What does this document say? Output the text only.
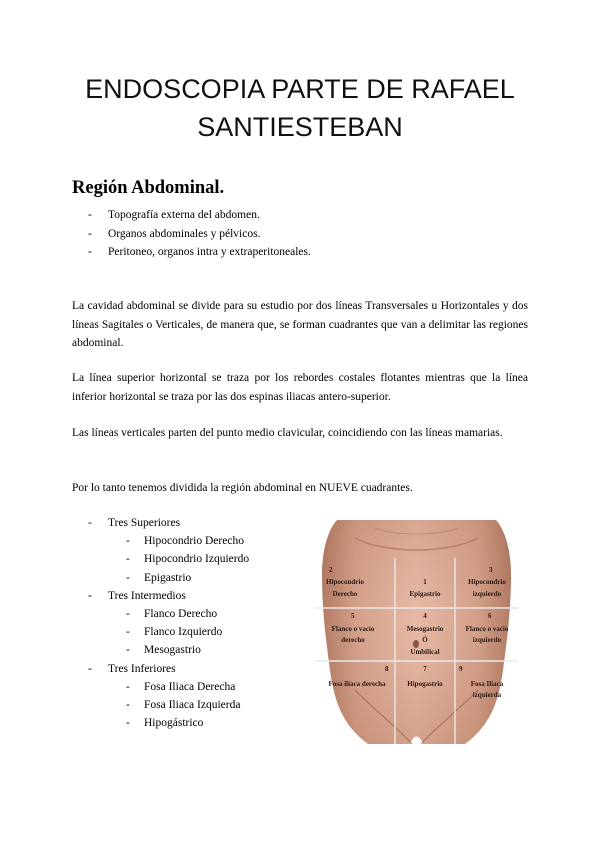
ENDOSCOPIA PARTE DE RAFAEL SANTIESTEBAN
Región Abdominal.
- Topografía externa del abdomen.
- Organos abdominales y pélvicos.
- Peritoneo, organos intra y extraperitoneales.

La cavidad abdominal se divide para su estudio por dos líneas Transversales u Horizontales y dos líneas Sagitales o Verticales, de manera que, se forman cuadrantes que van a delimitar las regiones abdominal.

La línea superior horizontal se traza por los rebordes costales flotantes mientras que la línea inferior horizontal se traza por las dos espinas iliacas antero-superior.

Las líneas verticales parten del punto medio clavicular, coincidiendo con las líneas mamarias.

Por lo tanto tenemos dividida la región abdominal en NUEVE cuadrantes.

- Tres Superiores
- Hipocondrio Derecho
- Hipocondrio Izquierdo
- Epigastrio
- Tres Intermedios
- Flanco Derecho
- Flanco Izquierdo
- Mesogastrio
- Tres Inferiores
- Fosa Iliaca Derecha
- Fosa Iliaca Izquierda
- Hipogástrico
2
Hipocondrio
Derecho
1
Epigastrio
3
Hipocondrio
izquierdo
5
Flanco o vacío
derecho
4
Mesogastrio
Ó
Umbilical
6
Flanco o vacío
izquierdo
8
Fosa ilíaca derecha
7
Hipogastrio
9
Fosa Ilíaca
izquierda
